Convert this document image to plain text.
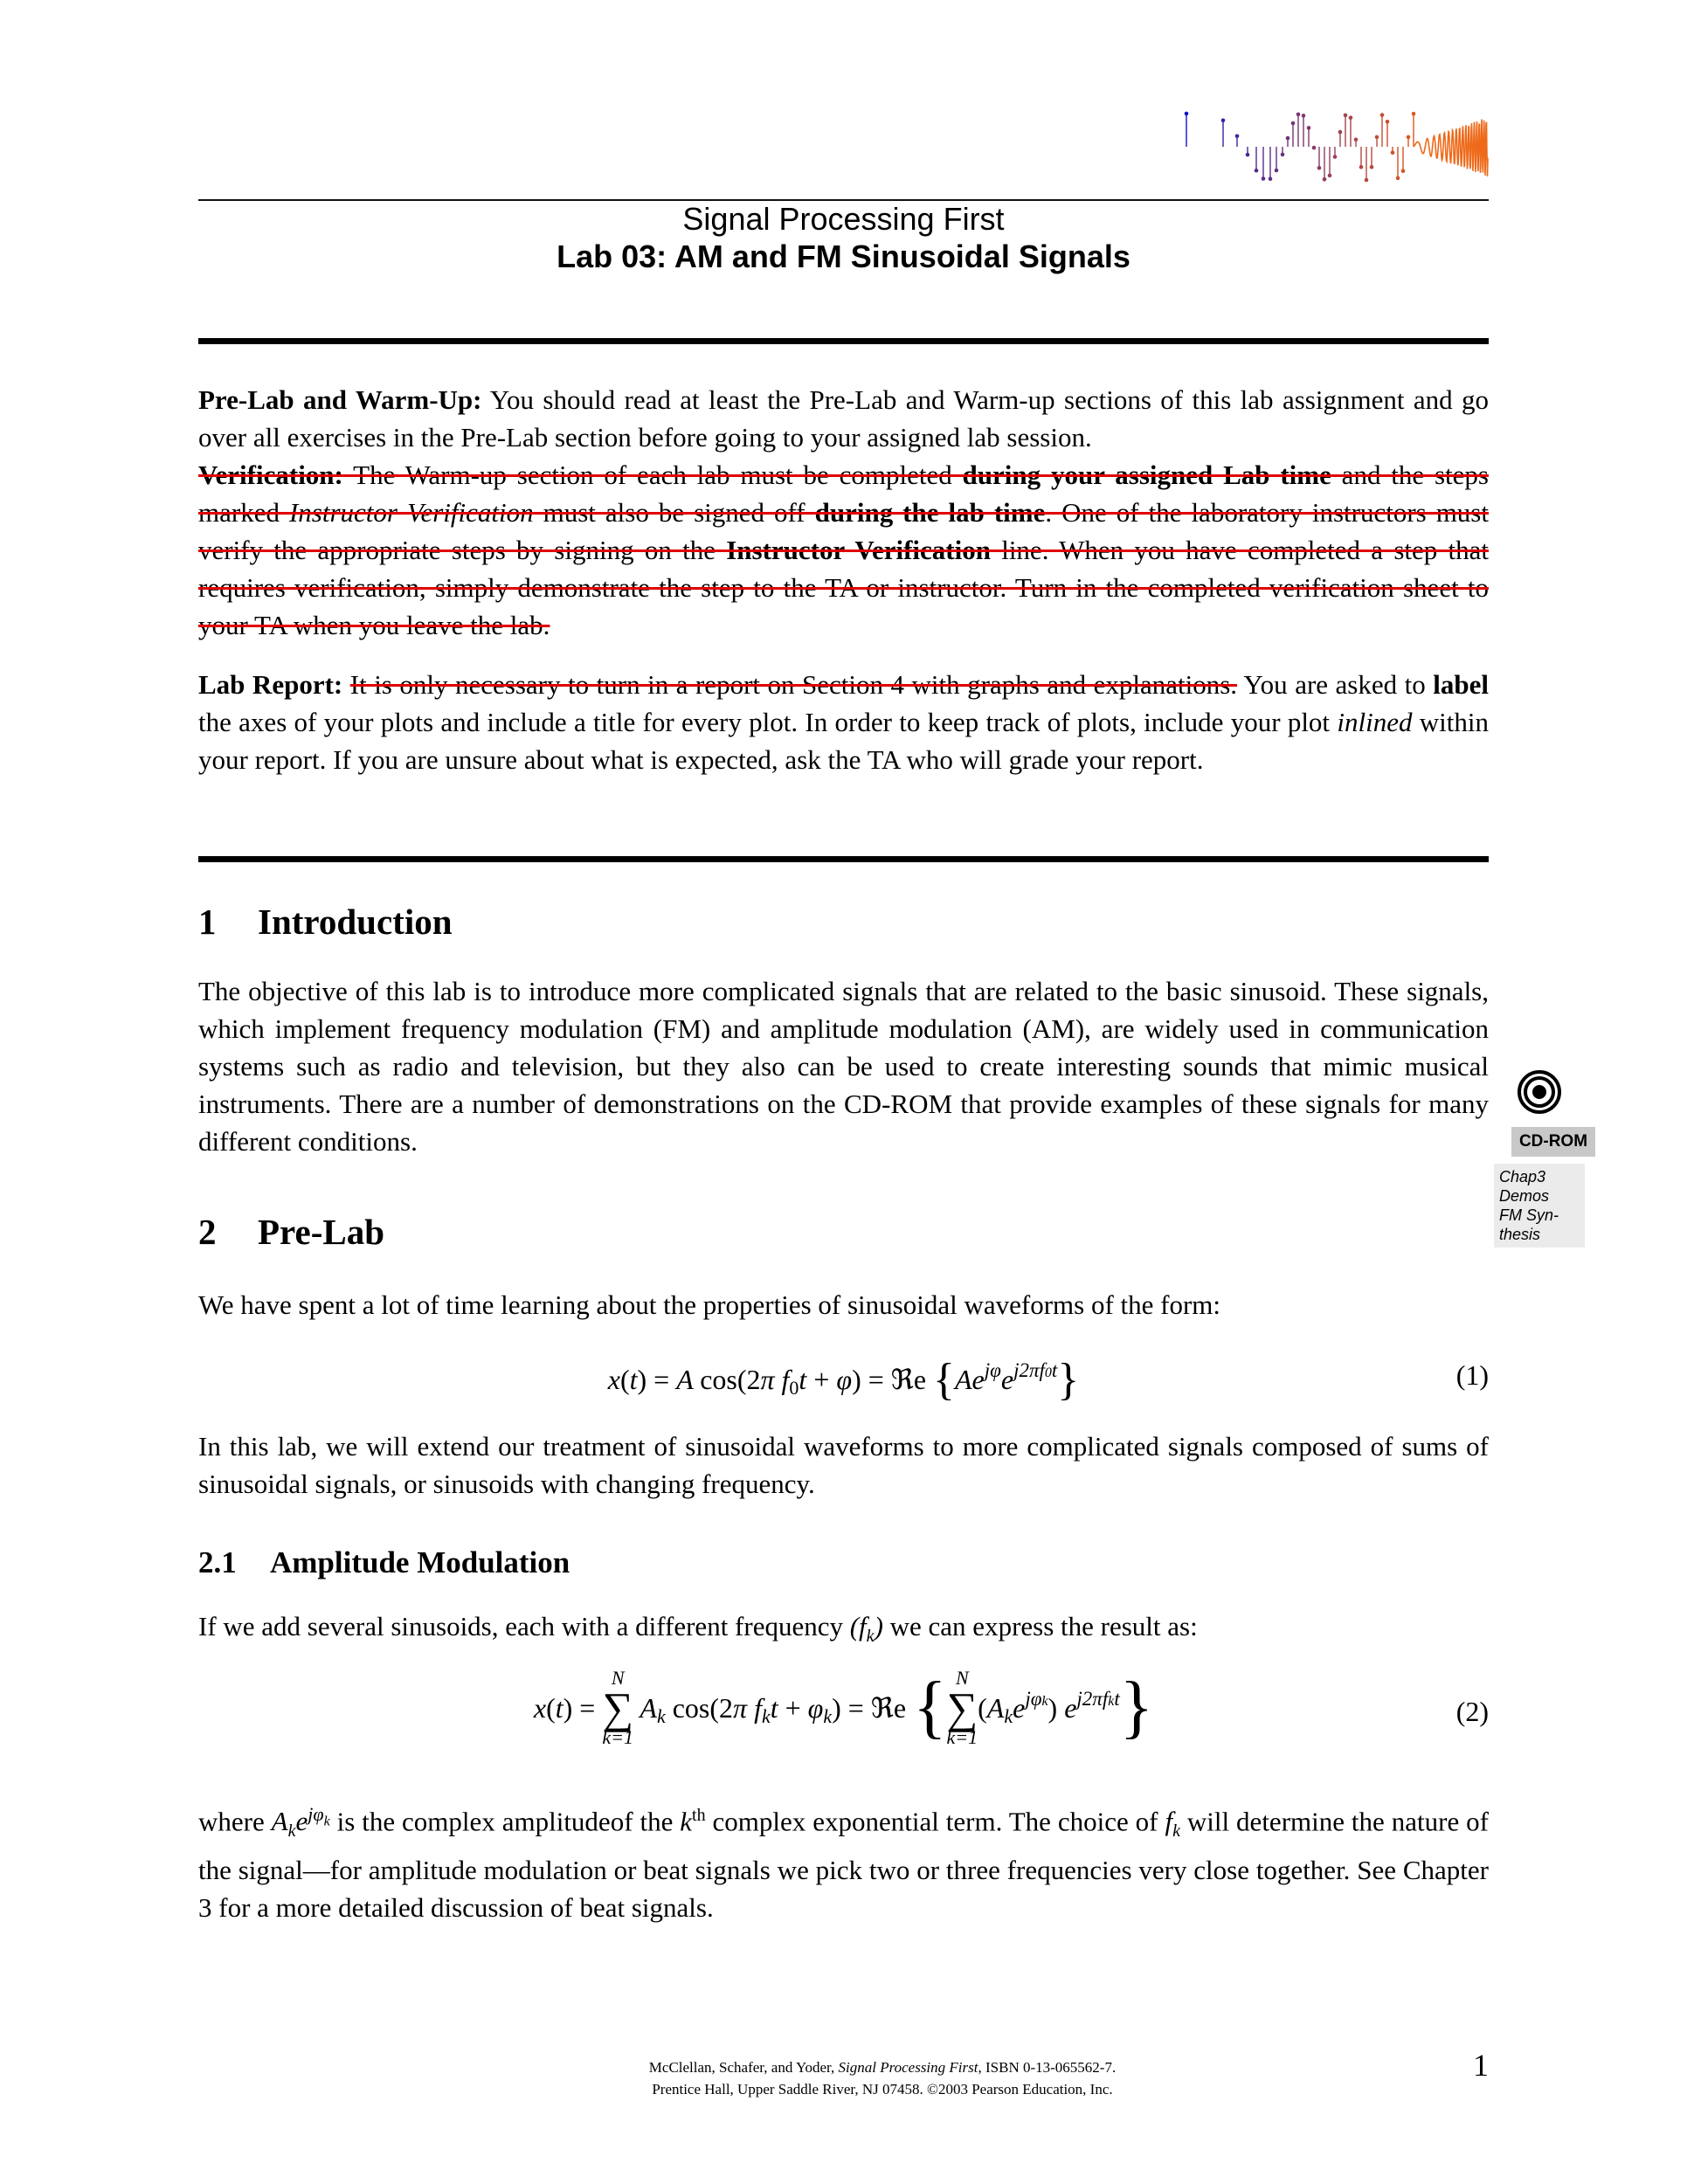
Signal Processing First
Lab 03: AM and FM Sinusoidal Signals
Pre-Lab and Warm-Up: You should read at least the Pre-Lab and Warm-up sections of this lab assignment and go over all exercises in the Pre-Lab section before going to your assigned lab session.
Verification: The Warm-up section of each lab must be completed during your assigned Lab time and the steps marked Instructor Verification must also be signed off during the lab time. One of the laboratory instructors must verify the appropriate steps by signing on the Instructor Verification line. When you have completed a step that requires verification, simply demonstrate the step to the TA or instructor. Turn in the completed verification sheet to your TA when you leave the lab.
Lab Report: It is only necessary to turn in a report on Section 4 with graphs and explanations. You are asked to label the axes of your plots and include a title for every plot. In order to keep track of plots, include your plot inlined within your report. If you are unsure about what is expected, ask the TA who will grade your report.
1 Introduction
The objective of this lab is to introduce more complicated signals that are related to the basic sinusoid. These signals, which implement frequency modulation (FM) and amplitude modulation (AM), are widely used in communication systems such as radio and television, but they also can be used to create interesting sounds that mimic musical instruments. There are a number of demonstrations on the CD-ROM that provide examples of these signals for many different conditions.	CD-ROM
Chap3
Demos
FM Syn-
thesis
2 Pre-Lab
We have spent a lot of time learning about the properties of sinusoidal waveforms of the form:
x(t) = A cos(2π f0t + φ) = ℜe $\{Ae^{j\varphi}e^{j2\pi f0t}\}$	(1)
In this lab, we will extend our treatment of sinusoidal waveforms to more complicated signals composed of sums of sinusoidal signals, or sinusoids with changing frequency.
2.1 Amplitude Modulation
If we add several sinusoids, each with a different frequency $(f_k)$ we can express the result as:
x(t) =
N
∑
k=1
Ak cos(2π fkt + φk) = ℜe { N
∑
k=1
(Ake$^{j\varphi k}$) $e^{j2\pi fkt}$}	(2)
where $A_ke^{j\varphi_k}$ is the complex amplitudeof the $k^{th}$ complex exponential term. The choice of $f_k$ will determine the nature of the signal—for amplitude modulation or beat signals we pick two or three frequencies very close together. See Chapter 3 for a more detailed discussion of beat signals.
McClellan, Schafer, and Yoder, Signal Processing First, ISBN 0-13-065562-7.
Prentice Hall, Upper Saddle River, NJ 07458. ©2003 Pearson Education, Inc.
1
